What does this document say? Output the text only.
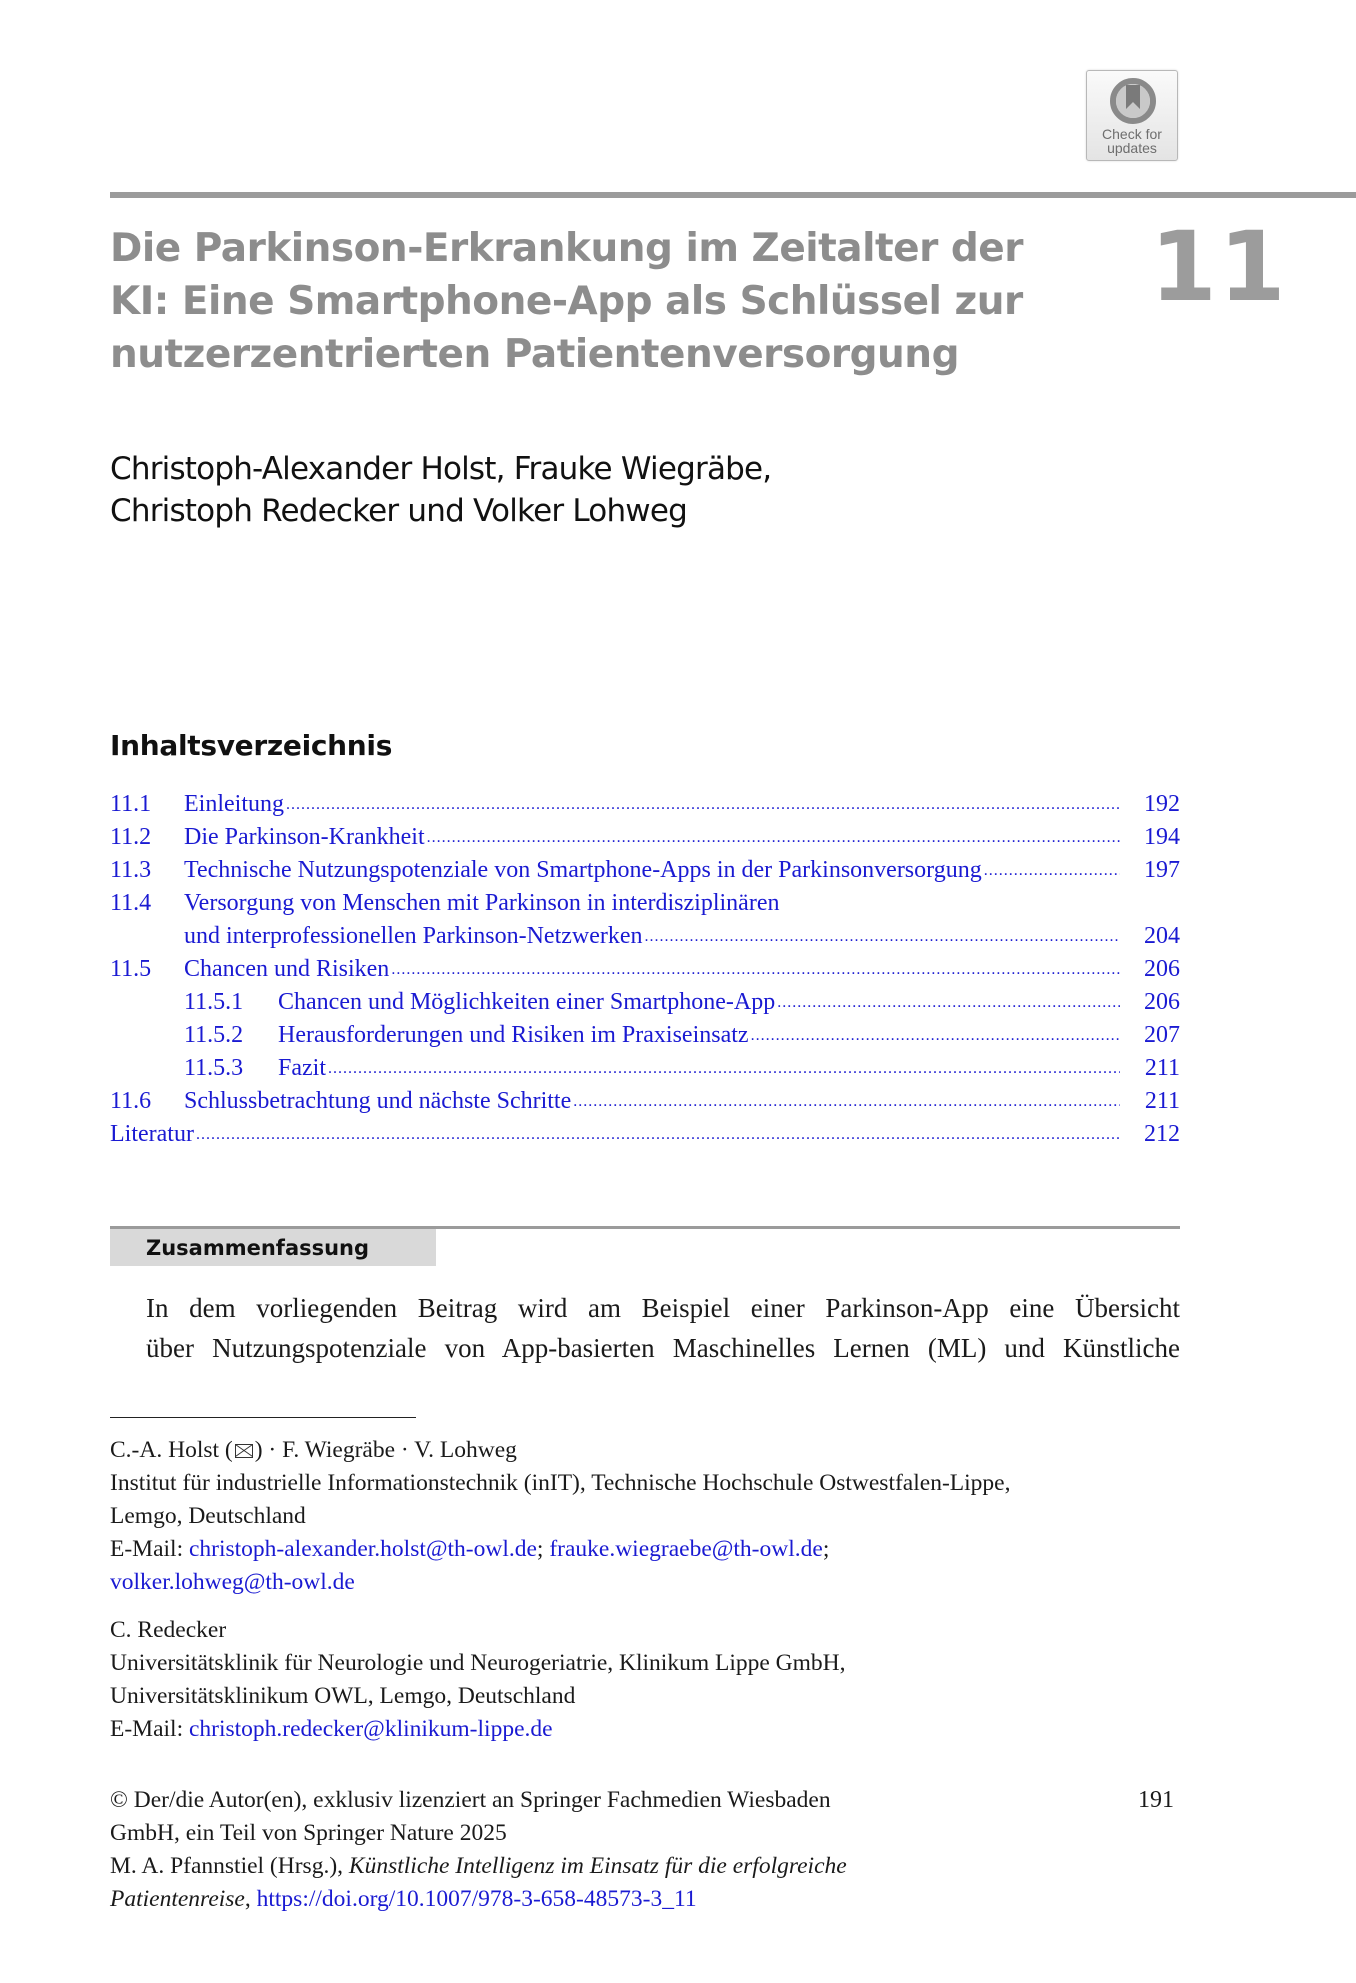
Check for
updates
11
Die Parkinson-Erkrankung im Zeitalter der
KI: Eine Smartphone-App als Schlüssel zur
nutzerzentrierten Patientenversorgung
Christoph-Alexander Holst, Frauke Wiegräbe,
Christoph Redecker und Volker Lohweg
Inhaltsverzeichnis
11.1 Einleitung .....	192
11.2 Die Parkinson-Krankheit .....	194
11.3 Technische Nutzungspotenziale von Smartphone-Apps in der Parkinsonversorgung .....	197
11.4 Versorgung von Menschen mit Parkinson in interdisziplinären
und interprofessionellen Parkinson-Netzwerken .....	204
11.5 Chancen und Risiken .....	206
11.5.1 Chancen und Möglichkeiten einer Smartphone-App .....	206
11.5.2 Herausforderungen und Risiken im Praxiseinsatz .....	207
11.5.3 Fazit .....	211
11.6 Schlussbetrachtung und nächste Schritte .....	211
Literatur .....	212
Zusammenfassung
In dem vorliegenden Beitrag wird am Beispiel einer Parkinson-App eine Übersicht
über Nutzungspotenziale von App-basierten Maschinelles Lernen (ML) und Künstliche
C.-A. Holst ( ) · F. Wiegräbe · V. Lohweg
Institut für industrielle Informationstechnik (inIT), Technische Hochschule Ostwestfalen-Lippe,
Lemgo, Deutschland
E-Mail: christoph-alexander.holst@th-owl.de; frauke.wiegraebe@th-owl.de;
volker.lohweg@th-owl.de
C. Redecker
Universitätsklinik für Neurologie und Neurogeriatrie, Klinikum Lippe GmbH,
Universitätsklinikum OWL, Lemgo, Deutschland
E-Mail: christoph.redecker@klinikum-lippe.de
© Der/die Autor(en), exklusiv lizenziert an Springer Fachmedien Wiesbaden
GmbH, ein Teil von Springer Nature 2025
M. A. Pfannstiel (Hrsg.), Künstliche Intelligenz im Einsatz für die erfolgreiche
Patientenreise, https://doi.org/10.1007/978-3-658-48573-3_11
191
